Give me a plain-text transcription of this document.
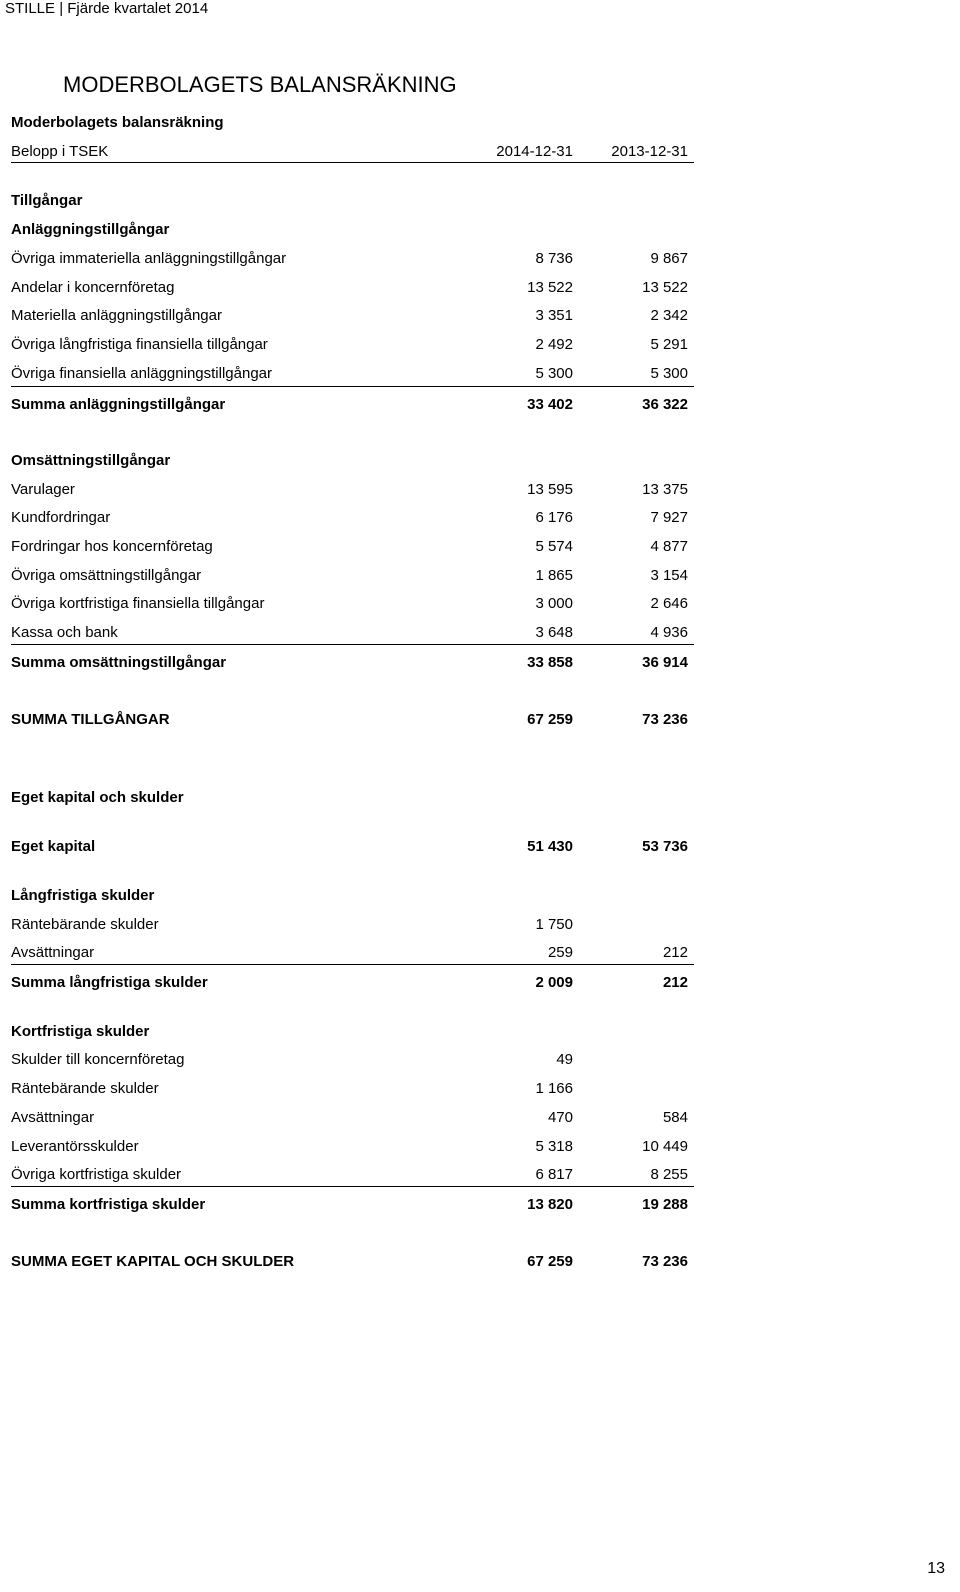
STILLE | Fjärde kvartalet 2014
MODERBOLAGETS BALANSRÄKNING
Moderbolagets balansräkning
Belopp i TSEK	2014-12-31	2013-12-31
Tillgångar
Anläggningstillgångar
Övriga immateriella anläggningstillgångar	8 736	9 867
Andelar i koncernföretag	13 522	13 522
Materiella anläggningstillgångar	3 351	2 342
Övriga långfristiga finansiella tillgångar	2 492	5 291
Övriga finansiella anläggningstillgångar	5 300	5 300
Summa anläggningstillgångar	33 402	36 322
Omsättningstillgångar
Varulager	13 595	13 375
Kundfordringar	6 176	7 927
Fordringar hos koncernföretag	5 574	4 877
Övriga omsättningstillgångar	1 865	3 154
Övriga kortfristiga finansiella tillgångar	3 000	2 646
Kassa och bank	3 648	4 936
Summa omsättningstillgångar	33 858	36 914
SUMMA TILLGÅNGAR	67 259	73 236
Eget kapital och skulder
Eget kapital	51 430	53 736
Långfristiga skulder
Räntebärande skulder	1 750
Avsättningar	259	212
Summa långfristiga skulder	2 009	212
Kortfristiga skulder
Skulder till koncernföretag	49
Räntebärande skulder	1 166
Avsättningar	470	584
Leverantörsskulder	5 318	10 449
Övriga kortfristiga skulder	6 817	8 255
Summa kortfristiga skulder	13 820	19 288
SUMMA EGET KAPITAL OCH SKULDER	67 259	73 236
13
